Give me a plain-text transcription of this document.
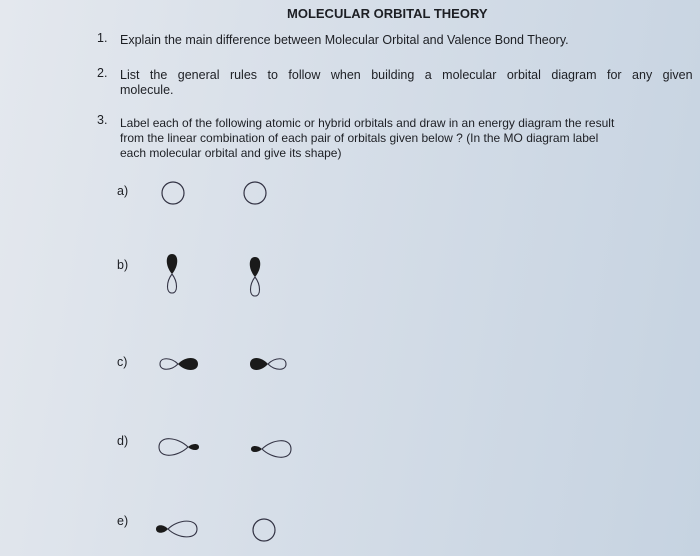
MOLECULAR ORBITAL THEORY
1. Explain the main difference between Molecular Orbital and Valence Bond Theory.
2. List the general rules to follow when building a molecular orbital diagram for any given
molecule.
3. Label each of the following atomic or hybrid orbitals and draw in an energy diagram the result
from the linear combination of each pair of orbitals given below ? (In the MO diagram label
each molecular orbital and give its shape)
a)
b)
c)
d)
e)
